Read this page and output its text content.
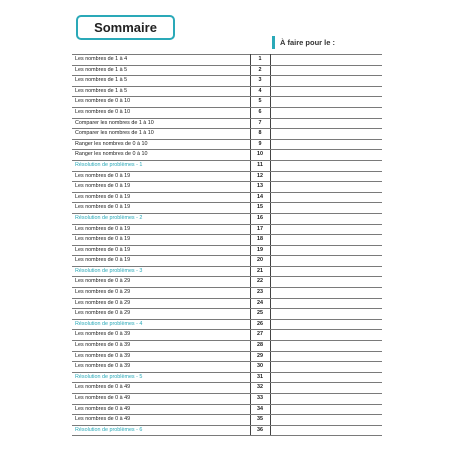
Sommaire
À faire pour le :
Les nombres de 1 à 4	1	
Les nombres de 1 à 5	2	
Les nombres de 1 à 5	3	
Les nombres de 1 à 5	4	
Les nombres de 0 à 10	5	
Les nombres de 0 à 10	6	
Comparer les nombres de 1 à 10	7	
Comparer les nombres de 1 à 10	8	
Ranger les nombres de 0 à 10	9	
Ranger les nombres de 0 à 10	10	
Résolution de problèmes - 1	11	
Les nombres de 0 à 19	12	
Les nombres de 0 à 19	13	
Les nombres de 0 à 19	14	
Les nombres de 0 à 19	15	
Résolution de problèmes - 2	16	
Les nombres de 0 à 19	17	
Les nombres de 0 à 19	18	
Les nombres de 0 à 19	19	
Les nombres de 0 à 19	20	
Résolution de problèmes - 3	21	
Les nombres de 0 à 29	22	
Les nombres de 0 à 29	23	
Les nombres de 0 à 29	24	
Les nombres de 0 à 29	25	
Résolution de problèmes - 4	26	
Les nombres de 0 à 39	27	
Les nombres de 0 à 39	28	
Les nombres de 0 à 39	29	
Les nombres de 0 à 39	30	
Résolution de problèmes - 5	31	
Les nombres de 0 à 49	32	
Les nombres de 0 à 49	33	
Les nombres de 0 à 49	34	
Les nombres de 0 à 49	35	
Résolution de problèmes - 6	36	
